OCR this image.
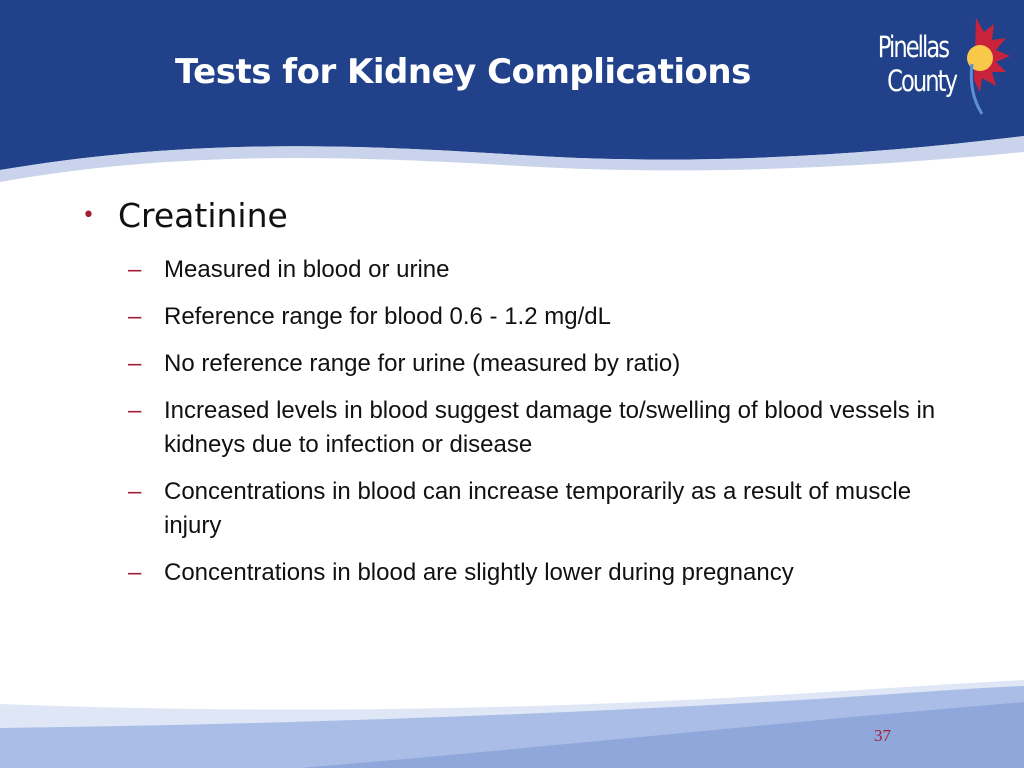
Tests for Kidney Complications
Pinellas
County
• Creatinine
– Measured in blood or urine
– Reference range for blood 0.6 - 1.2 mg/dL
– No reference range for urine (measured by ratio)
– Increased levels in blood suggest damage to/swelling of blood vessels in kidneys due to infection or disease
– Concentrations in blood can increase temporarily as a result of muscle injury
– Concentrations in blood are slightly lower during pregnancy
37
